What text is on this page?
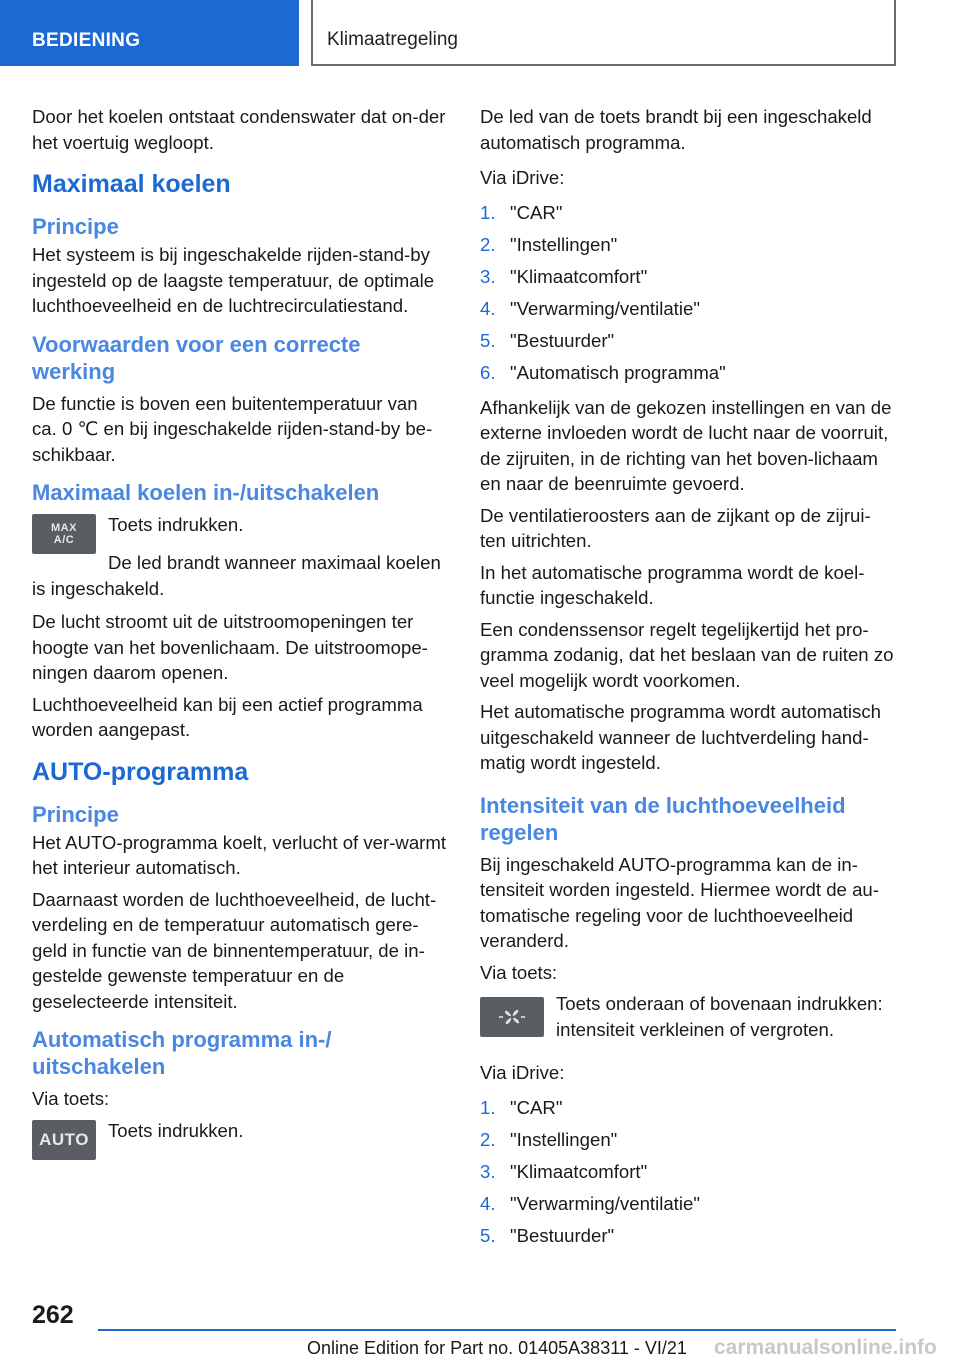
BEDIENING	Klimaatregeling
Door het koelen ontstaat condenswater dat on-der het voertuig wegloopt.
Maximaal koelen
Principe
Het systeem is bij ingeschakelde rijden-stand-by ingesteld op de laagste temperatuur, de optimale luchthoeveelheid en de luchtrecirculatiestand.
Voorwaarden voor een correcte werking
De functie is boven een buitentemperatuur van ca. 0 ℃ en bij ingeschakelde rijden-stand-by be-schikbaar.
Maximaal koelen in-/uitschakelen
MAX
A/C
Toets indrukken.
De led brandt wanneer maximaal koelen is ingeschakeld.
De lucht stroomt uit de uitstroomopeningen ter hoogte van het bovenlichaam. De uitstroomope-ningen daarom openen.
Luchthoeveelheid kan bij een actief programma worden aangepast.
AUTO-programma
Principe
Het AUTO-programma koelt, verlucht of ver-warmt het interieur automatisch.
Daarnaast worden de luchthoeveelheid, de lucht-verdeling en de temperatuur automatisch gere-geld in functie van de binnentemperatuur, de in-gestelde gewenste temperatuur en de geselecteerde intensiteit.
Automatisch programma in-/ uitschakelen
Via toets:
AUTO	Toets indrukken.
De led van de toets brandt bij een ingeschakeld automatisch programma.
Via iDrive:
1. "CAR"
2. "Instellingen"
3. "Klimaatcomfort"
4. "Verwarming/ventilatie"
5. "Bestuurder"
6. "Automatisch programma"
Afhankelijk van de gekozen instellingen en van de externe invloeden wordt de lucht naar de voorruit, de zijruiten, in de richting van het boven-lichaam en naar de beenruimte gevoerd.
De ventilatieroosters aan de zijkant op de zijrui-ten uitrichten.
In het automatische programma wordt de koel-functie ingeschakeld.
Een condenssensor regelt tegelijkertijd het pro-gramma zodanig, dat het beslaan van de ruiten zo veel mogelijk wordt voorkomen.
Het automatische programma wordt automatisch uitgeschakeld wanneer de luchtverdeling hand-matig wordt ingesteld.
Intensiteit van de luchthoeveelheid regelen
Bij ingeschakeld AUTO-programma kan de in-tensiteit worden ingesteld. Hiermee wordt de au-tomatische regeling voor de luchthoeveelheid veranderd.
Via toets:
Toets onderaan of bovenaan indrukken: intensiteit verkleinen of vergroten.
Via iDrive:
1. "CAR"
2. "Instellingen"
3. "Klimaatcomfort"
4. "Verwarming/ventilatie"
5. "Bestuurder"
262
Online Edition for Part no. 01405A38311 - VI/21 carmanualsonline.info
